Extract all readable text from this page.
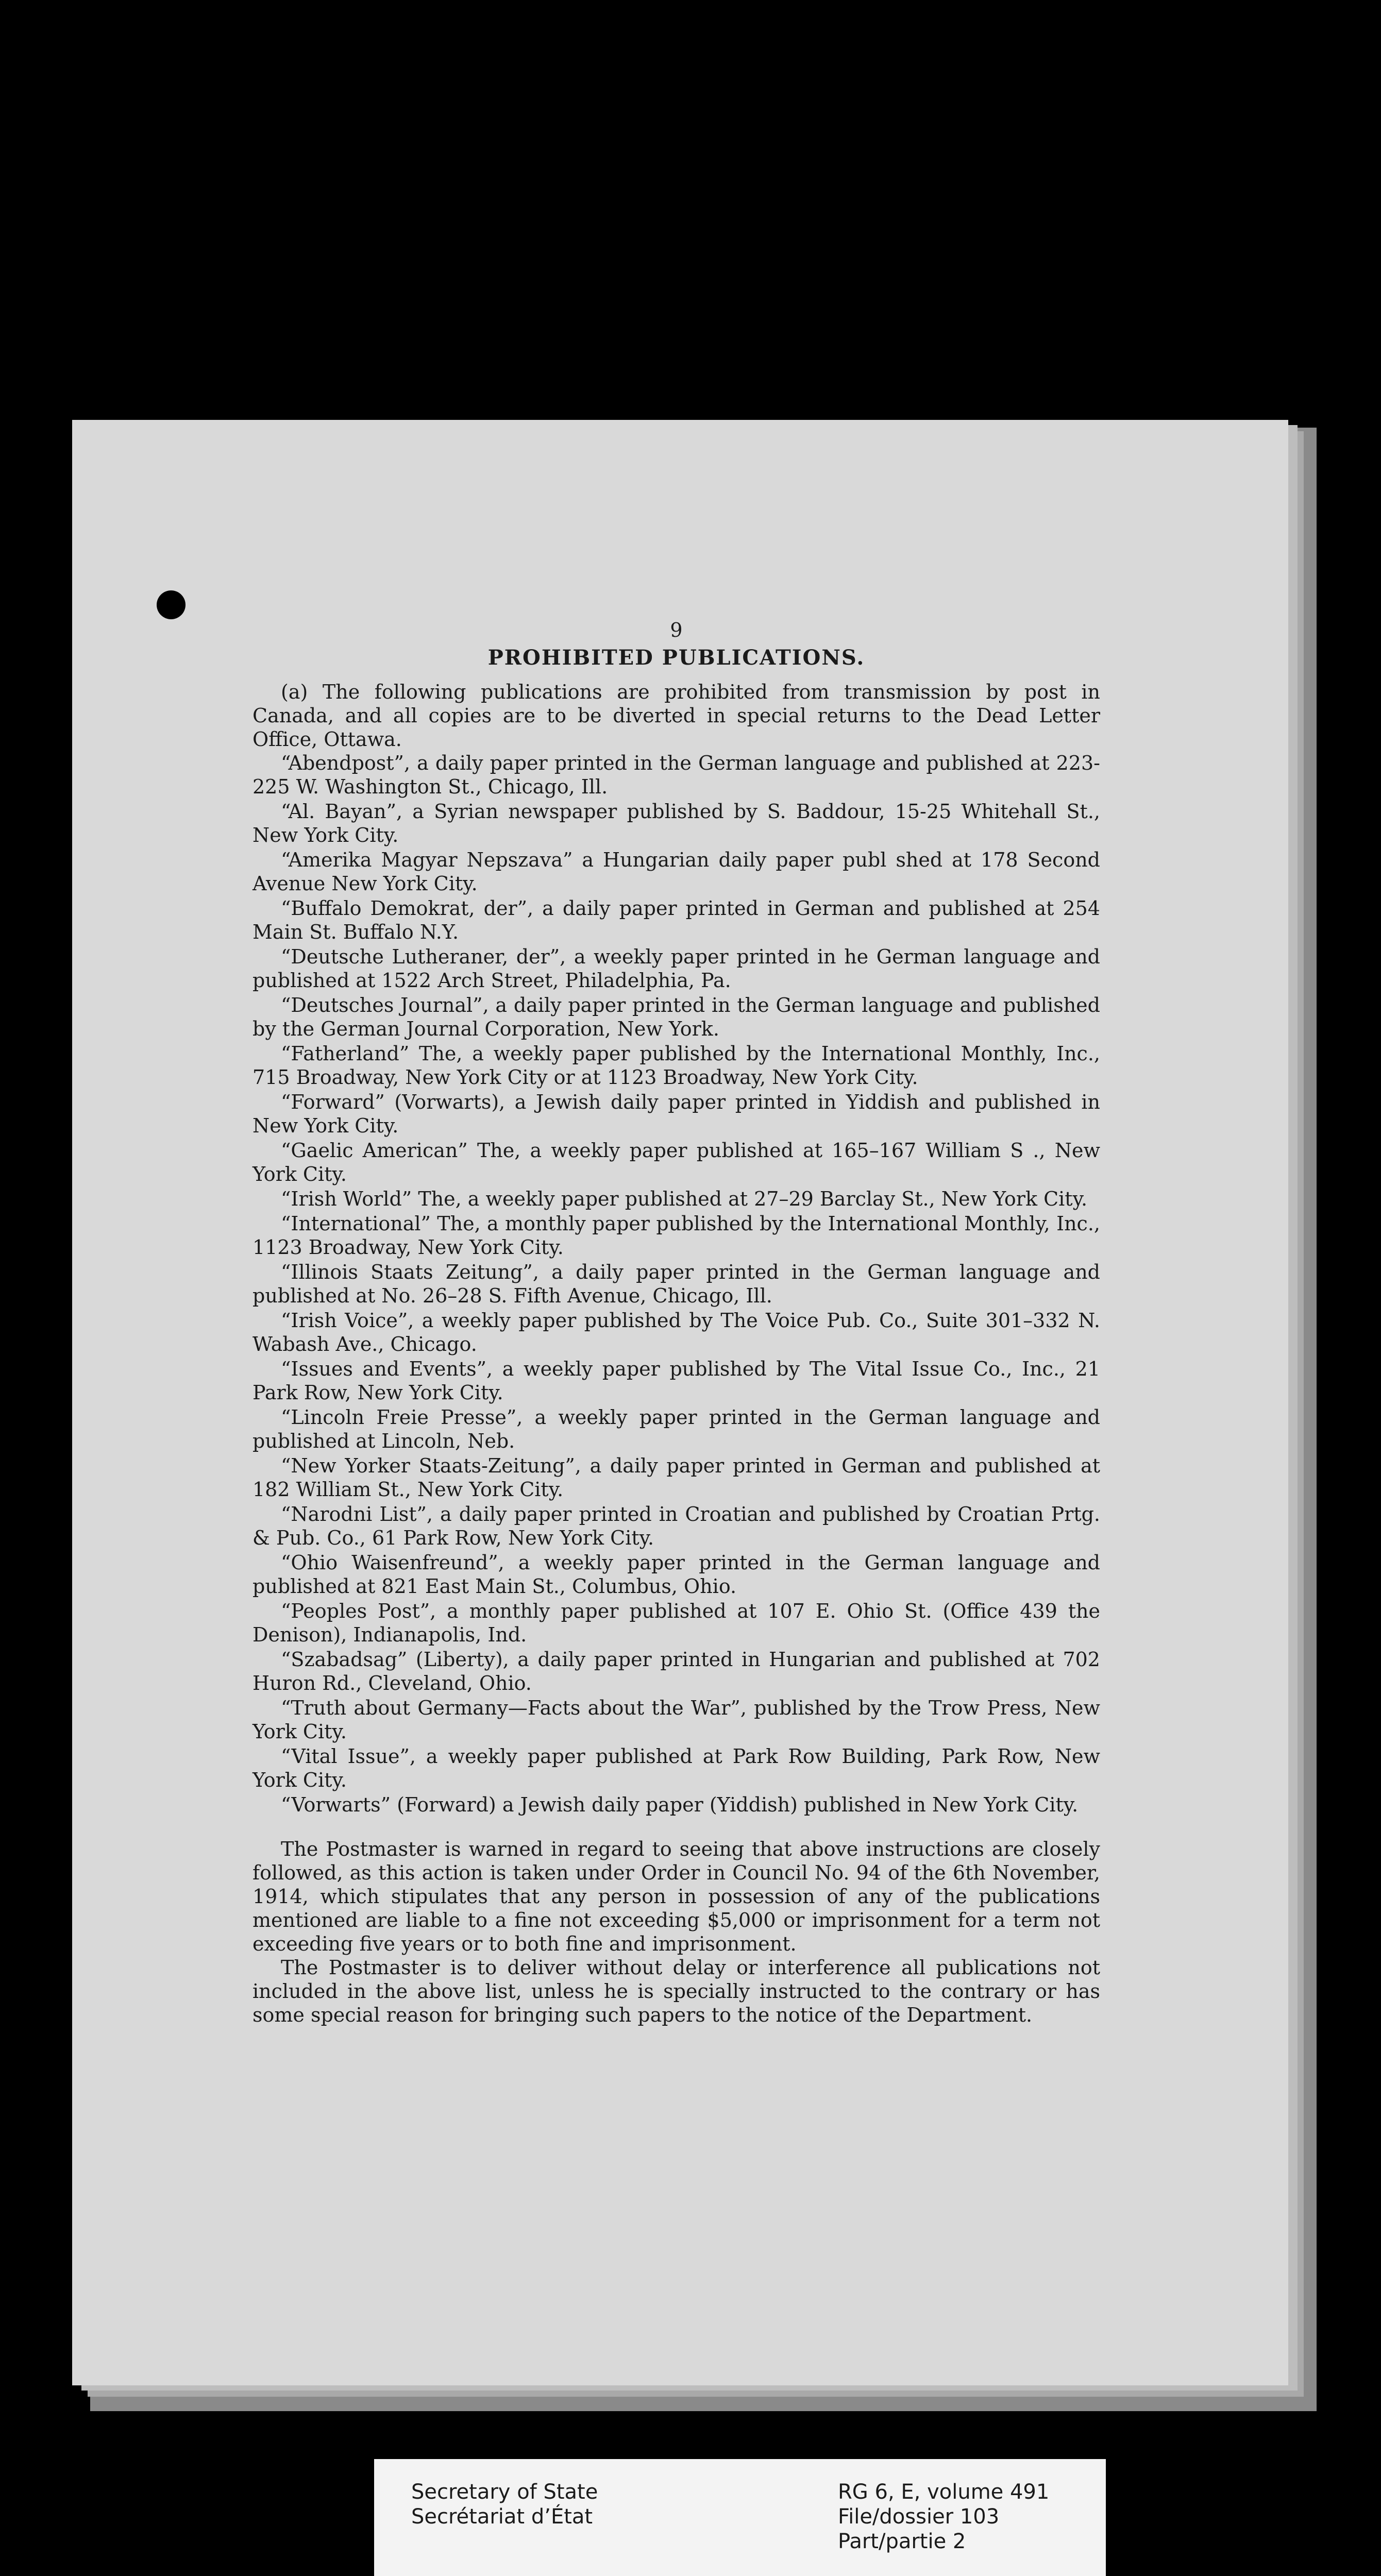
9
PROHIBITED PUBLICATIONS.

(a) The following publications are prohibited from transmission by post in Canada, and all copies are to be diverted in special returns to the Dead Letter Office, Ottawa.

“Abendpost”, a daily paper printed in the German language and published at 223-225 W. Washington St., Chicago, Ill.

“Al. Bayan”, a Syrian newspaper published by S. Baddour, 15-25 Whitehall St., New York City.

“Amerika Magyar Nepszava” a Hungarian daily paper publ shed at 178 Second Avenue New York City.

“Buffalo Demokrat, der”, a daily paper printed in German and published at 254 Main St. Buffalo N.Y.

“Deutsche Lutheraner, der”, a weekly paper printed in he German language and published at 1522 Arch Street, Philadelphia, Pa.

“Deutsches Journal”, a daily paper printed in the German language and published by the German Journal Corporation, New York.

“Fatherland” The, a weekly paper published by the International Monthly, Inc., 715 Broadway, New York City or at 1123 Broadway, New York City.

“Forward” (Vorwarts), a Jewish daily paper printed in Yiddish and published in New York City.

“Gaelic American” The, a weekly paper published at 165–167 William S ., New York City.

“Irish World” The, a weekly paper published at 27–29 Barclay St., New York City.

“International” The, a monthly paper published by the International Monthly, Inc., 1123 Broadway, New York City.

“Illinois Staats Zeitung”, a daily paper printed in the German language and published at No. 26–28 S. Fifth Avenue, Chicago, Ill.

“Irish Voice”, a weekly paper published by The Voice Pub. Co., Suite 301–332 N. Wabash Ave., Chicago.

“Issues and Events”, a weekly paper published by The Vital Issue Co., Inc., 21 Park Row, New York City.

“Lincoln Freie Presse”, a weekly paper printed in the German language and published at Lincoln, Neb.

“New Yorker Staats-Zeitung”, a daily paper printed in German and published at 182 William St., New York City.

“Narodni List”, a daily paper printed in Croatian and published by Croatian Prtg. & Pub. Co., 61 Park Row, New York City.

“Ohio Waisenfreund”, a weekly paper printed in the German language and published at 821 East Main St., Columbus, Ohio.

“Peoples Post”, a monthly paper published at 107 E. Ohio St. (Office 439 the Denison), Indianapolis, Ind.

“Szabadsag” (Liberty), a daily paper printed in Hungarian and published at 702 Huron Rd., Cleveland, Ohio.

“Truth about Germany—Facts about the War”, published by the Trow Press, New York City.

“Vital Issue”, a weekly paper published at Park Row Building, Park Row, New York City.

“Vorwarts” (Forward) a Jewish daily paper (Yiddish) published in New York City.

The Postmaster is warned in regard to seeing that above instructions are closely followed, as this action is taken under Order in Council No. 94 of the 6th November, 1914, which stipulates that any person in possession of any of the publications mentioned are liable to a fine not exceeding $5,000 or imprisonment for a term not exceeding five years or to both fine and imprisonment.

The Postmaster is to deliver without delay or interference all publications not included in the above list, unless he is specially instructed to the contrary or has some special reason for bringing such papers to the notice of the Department.

Secretary of State
Secrétariat d’État
RG 6, E, volume 491
File/dossier 103
Part/partie 2
